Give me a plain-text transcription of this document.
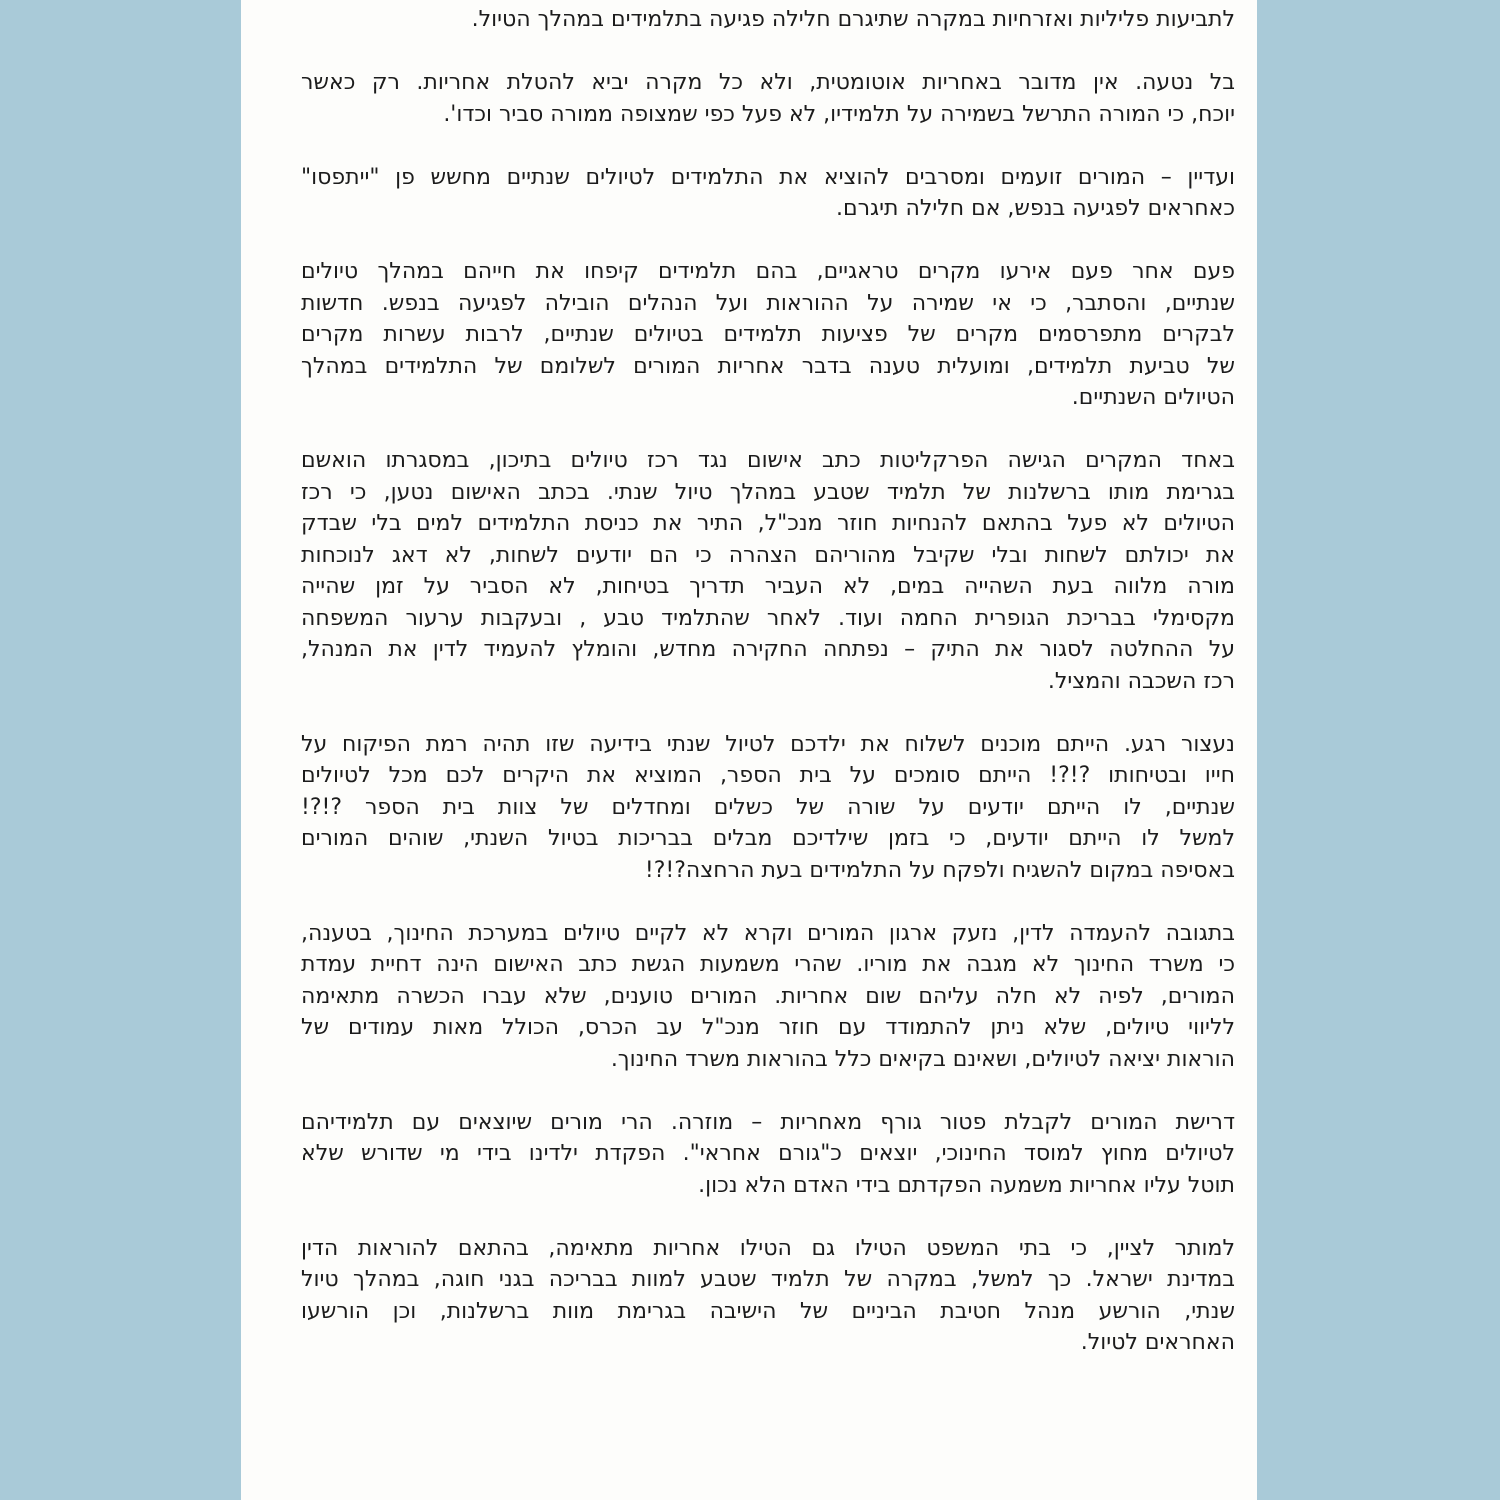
לתביעות פליליות ואזרחיות במקרה שתיגרם חלילה פגיעה בתלמידים במהלך הטיול.
בל נטעה. אין מדובר באחריות אוטומטית, ולא כל מקרה יביא להטלת אחריות. רק כאשר
יוכח, כי המורה התרשל בשמירה על תלמידיו, לא פעל כפי שמצופה ממורה סביר וכדו'.
ועדיין – המורים זועמים ומסרבים להוציא את התלמידים לטיולים שנתיים מחשש פן "ייתפסו"
כאחראים לפגיעה בנפש, אם חלילה תיגרם.
פעם אחר פעם אירעו מקרים טראגיים, בהם תלמידים קיפחו את חייהם במהלך טיולים
שנתיים, והסתבר, כי אי שמירה על ההוראות ועל הנהלים הובילה לפגיעה בנפש. חדשות
לבקרים מתפרסמים מקרים של פציעות תלמידים בטיולים שנתיים, לרבות עשרות מקרים
של טביעת תלמידים, ומועלית טענה בדבר אחריות המורים לשלומם של התלמידים במהלך
הטיולים השנתיים.
באחד המקרים הגישה הפרקליטות כתב אישום נגד רכז טיולים בתיכון, במסגרתו הואשם
בגרימת מותו ברשלנות של תלמיד שטבע במהלך טיול שנתי. בכתב האישום נטען, כי רכז
הטיולים לא פעל בהתאם להנחיות חוזר מנכ"ל, התיר את כניסת התלמידים למים בלי שבדק
את יכולתם לשחות ובלי שקיבל מהוריהם הצהרה כי הם יודעים לשחות, לא דאג לנוכחות
מורה מלווה בעת השהייה במים, לא העביר תדריך בטיחות, לא הסביר על זמן שהייה
מקסימלי בבריכת הגופרית החמה ועוד. לאחר שהתלמיד טבע , ובעקבות ערעור המשפחה
על ההחלטה לסגור את התיק – נפתחה החקירה מחדש, והומלץ להעמיד לדין את המנהל,
רכז השכבה והמציל.
נעצור רגע. הייתם מוכנים לשלוח את ילדכם לטיול שנתי בידיעה שזו תהיה רמת הפיקוח על
חייו ובטיחותו ?!?! הייתם סומכים על בית הספר, המוציא את היקרים לכם מכל לטיולים
שנתיים, לו הייתם יודעים על שורה של כשלים ומחדלים של צוות בית הספר ?!?!
למשל לו הייתם יודעים, כי בזמן שילדיכם מבלים בבריכות בטיול השנתי, שוהים המורים
באסיפה במקום להשגיח ולפקח על התלמידים בעת הרחצה?!?!
בתגובה להעמדה לדין, נזעק ארגון המורים וקרא לא לקיים טיולים במערכת החינוך, בטענה,
כי משרד החינוך לא מגבה את מוריו. שהרי משמעות הגשת כתב האישום הינה דחיית עמדת
המורים, לפיה לא חלה עליהם שום אחריות. המורים טוענים, שלא עברו הכשרה מתאימה
לליווי טיולים, שלא ניתן להתמודד עם חוזר מנכ"ל עב הכרס, הכולל מאות עמודים של
הוראות יציאה לטיולים, ושאינם בקיאים כלל בהוראות משרד החינוך.
דרישת המורים לקבלת פטור גורף מאחריות – מוזרה. הרי מורים שיוצאים עם תלמידיהם
לטיולים מחוץ למוסד החינוכי, יוצאים כ"גורם אחראי". הפקדת ילדינו בידי מי שדורש שלא
תוטל עליו אחריות משמעה הפקדתם בידי האדם הלא נכון.
למותר לציין, כי בתי המשפט הטילו גם הטילו אחריות מתאימה, בהתאם להוראות הדין
במדינת ישראל. כך למשל, במקרה של תלמיד שטבע למוות בבריכה בגני חוגה, במהלך טיול
שנתי, הורשע מנהל חטיבת הביניים של הישיבה בגרימת מוות ברשלנות, וכן הורשעו
האחראים לטיול.
